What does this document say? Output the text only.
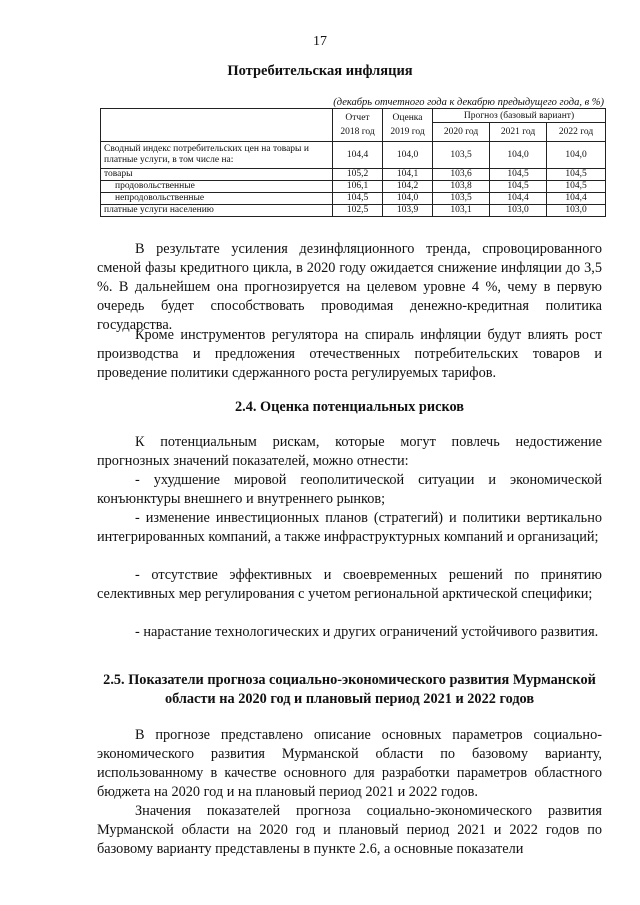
17
Потребительская инфляция
(декабрь отчетного года к декабрю предыдущего года, в %)
	Отчет 2018 год	Оценка 2019 год	Прогноз (базовый вариант)		
			2020 год	2021 год	2022 год
Сводный индекс потребительских цен на товары и платные услуги, в том числе на:	104,4	104,0	103,5	104,0	104,0
товары	105,2	104,1	103,6	104,5	104,5
продовольственные	106,1	104,2	103,8	104,5	104,5
непродовольственные	104,5	104,0	103,5	104,4	104,4
платные услуги населению	102,5	103,9	103,1	103,0	103,0

В результате усиления дезинфляционного тренда, спровоцированного сменой фазы кредитного цикла, в 2020 году ожидается снижение инфляции до 3,5 %. В дальнейшем она прогнозируется на целевом уровне 4 %, чему в первую очередь будет способствовать проводимая денежно-кредитная политика государства.

Кроме инструментов регулятора на спираль инфляции будут влиять рост производства и предложения отечественных потребительских товаров и проведение политики сдержанного роста регулируемых тарифов.

2.4. Оценка потенциальных рисков

К потенциальным рискам, которые могут повлечь недостижение прогнозных значений показателей, можно отнести:

- ухудшение мировой геополитической ситуации и экономической конъюнктуры внешнего и внутреннего рынков;

- изменение инвестиционных планов (стратегий) и политики вертикально интегрированных компаний, а также инфраструктурных компаний и организаций;

- отсутствие эффективных и своевременных решений по принятию селективных мер регулирования с учетом региональной арктической специфики;

- нарастание технологических и других ограничений устойчивого развития.

2.5. Показатели прогноза социально-экономического развития Мурманской области на 2020 год и плановый период 2021 и 2022 годов

В прогнозе представлено описание основных параметров социально-экономического развития Мурманской области по базовому варианту, использованному в качестве основного для разработки параметров областного бюджета на 2020 год и на плановый период 2021 и 2022 годов.

Значения показателей прогноза социально-экономического развития Мурманской области на 2020 год и плановый период 2021 и 2022 годов по базовому варианту представлены в пункте 2.6, а основные показатели
